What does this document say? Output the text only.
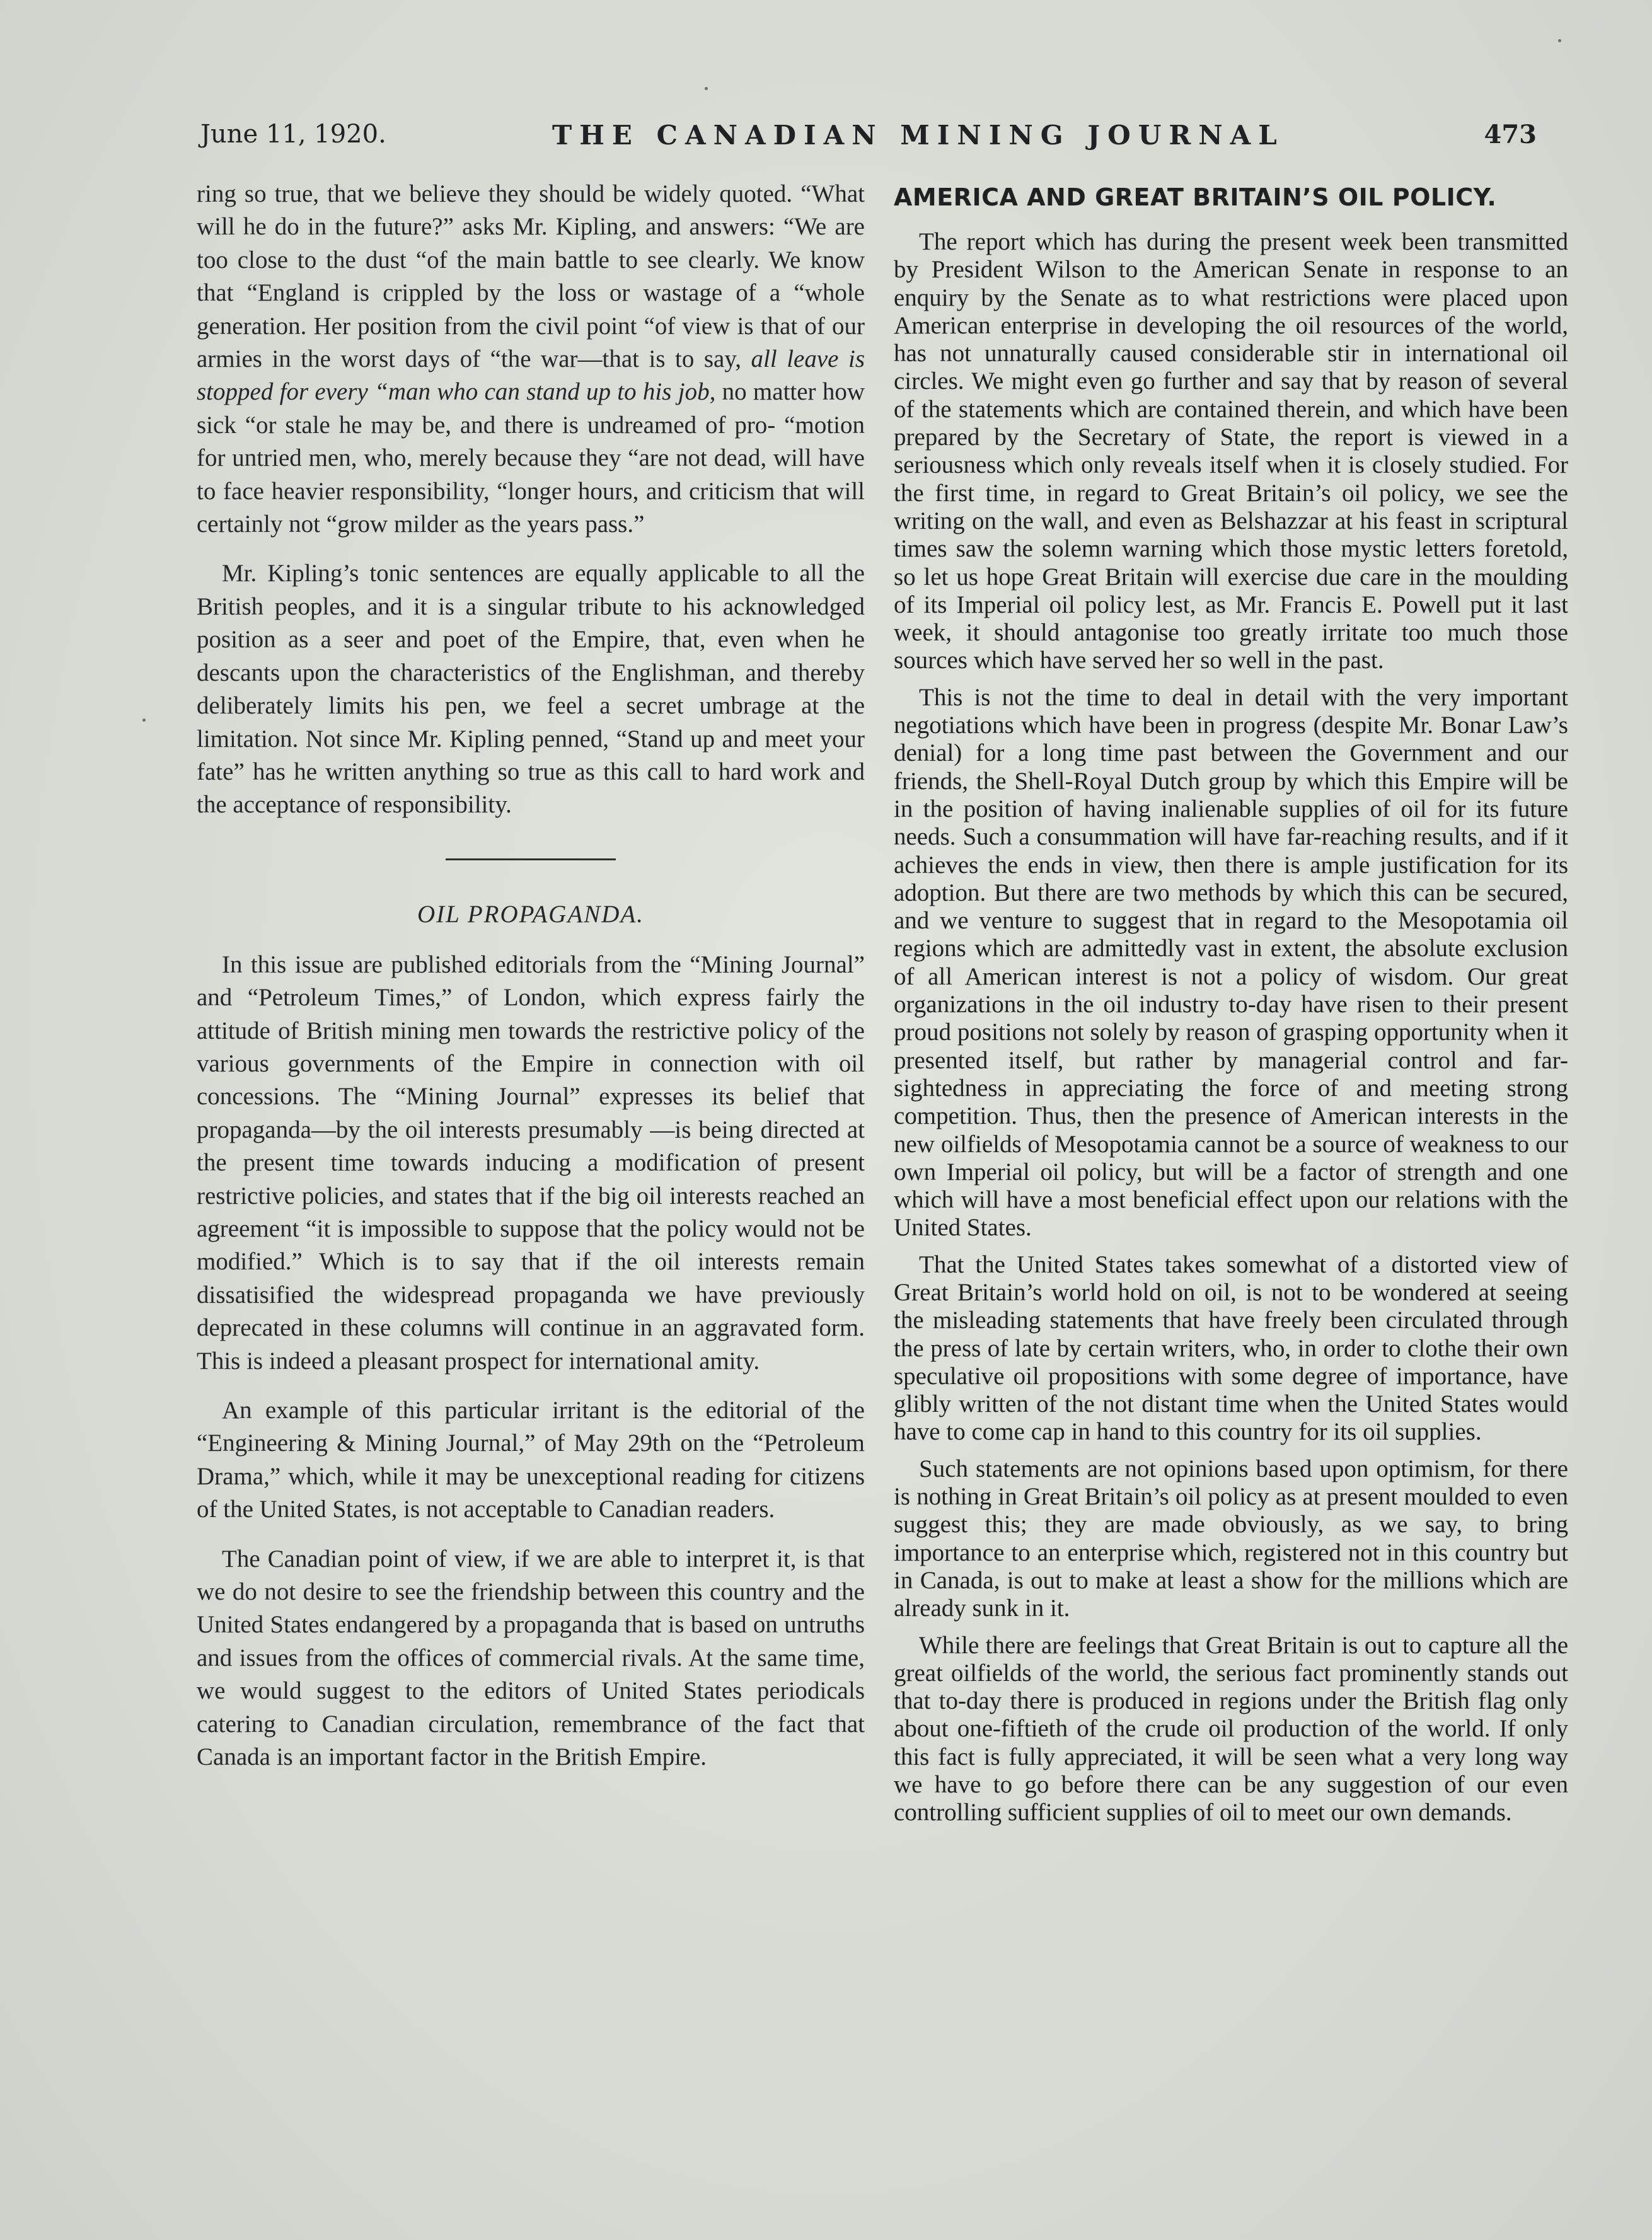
June 11, 1920.	THE CANADIAN MINING JOURNAL	473

ring so true, that we believe they should be widely quoted. “What will he do in the future?” asks Mr. Kipling, and answers: “We are too close to the dust “of the main battle to see clearly. We know that “England is crippled by the loss or wastage of a “whole generation. Her position from the civil point “of view is that of our armies in the worst days of “the war—that is to say, all leave is stopped for every “man who can stand up to his job, no matter how sick “or stale he may be, and there is undreamed of pro- “motion for untried men, who, merely because they “are not dead, will have to face heavier responsibility, “longer hours, and criticism that will certainly not “grow milder as the years pass.”

Mr. Kipling’s tonic sentences are equally applicable to all the British peoples, and it is a singular tribute to his acknowledged position as a seer and poet of the Empire, that, even when he descants upon the characteristics of the Englishman, and thereby deliberately limits his pen, we feel a secret umbrage at the limitation. Not since Mr. Kipling penned, “Stand up and meet your fate” has he written anything so true as this call to hard work and the acceptance of responsibility.

OIL PROPAGANDA.

In this issue are published editorials from the “Mining Journal” and “Petroleum Times,” of London, which express fairly the attitude of British mining men towards the restrictive policy of the various governments of the Empire in connection with oil concessions. The “Mining Journal” expresses its belief that propaganda—by the oil interests presumably —is being directed at the present time towards inducing a modification of present restrictive policies, and states that if the big oil interests reached an agreement “it is impossible to suppose that the policy would not be modified.” Which is to say that if the oil interests remain dissatisified the widespread propaganda we have previously deprecated in these columns will continue in an aggravated form. This is indeed a pleasant prospect for international amity.

An example of this particular irritant is the editorial of the “Engineering & Mining Journal,” of May 29th on the “Petroleum Drama,” which, while it may be unexceptional reading for citizens of the United States, is not acceptable to Canadian readers.

The Canadian point of view, if we are able to interpret it, is that we do not desire to see the friendship between this country and the United States endangered by a propaganda that is based on untruths and issues from the offices of commercial rivals. At the same time, we would suggest to the editors of United States periodicals catering to Canadian circulation, remembrance of the fact that Canada is an important factor in the British Empire.

AMERICA AND GREAT BRITAIN’S OIL POLICY.

The report which has during the present week been transmitted by President Wilson to the American Senate in response to an enquiry by the Senate as to what restrictions were placed upon American enterprise in developing the oil resources of the world, has not unnaturally caused considerable stir in international oil circles. We might even go further and say that by reason of several of the statements which are contained therein, and which have been prepared by the Secretary of State, the report is viewed in a seriousness which only reveals itself when it is closely studied. For the first time, in regard to Great Britain’s oil policy, we see the writing on the wall, and even as Belshazzar at his feast in scriptural times saw the solemn warning which those mystic letters foretold, so let us hope Great Britain will exercise due care in the moulding of its Imperial oil policy lest, as Mr. Francis E. Powell put it last week, it should antagonise too greatly irritate too much those sources which have served her so well in the past.

This is not the time to deal in detail with the very important negotiations which have been in progress (despite Mr. Bonar Law’s denial) for a long time past between the Government and our friends, the Shell-Royal Dutch group by which this Empire will be in the position of having inalienable supplies of oil for its future needs. Such a consummation will have far-reaching results, and if it achieves the ends in view, then there is ample justification for its adoption. But there are two methods by which this can be secured, and we venture to suggest that in regard to the Mesopotamia oil regions which are admittedly vast in extent, the absolute exclusion of all American interest is not a policy of wisdom. Our great organizations in the oil industry to-day have risen to their present proud positions not solely by reason of grasping opportunity when it presented itself, but rather by managerial control and far-sightedness in appreciating the force of and meeting strong competition. Thus, then the presence of American interests in the new oilfields of Mesopotamia cannot be a source of weakness to our own Imperial oil policy, but will be a factor of strength and one which will have a most beneficial effect upon our relations with the United States.

That the United States takes somewhat of a distorted view of Great Britain’s world hold on oil, is not to be wondered at seeing the misleading statements that have freely been circulated through the press of late by certain writers, who, in order to clothe their own speculative oil propositions with some degree of importance, have glibly written of the not distant time when the United States would have to come cap in hand to this country for its oil supplies.

Such statements are not opinions based upon optimism, for there is nothing in Great Britain’s oil policy as at present moulded to even suggest this; they are made obviously, as we say, to bring importance to an enterprise which, registered not in this country but in Canada, is out to make at least a show for the millions which are already sunk in it.

While there are feelings that Great Britain is out to capture all the great oilfields of the world, the serious fact prominently stands out that to-day there is produced in regions under the British flag only about one-fiftieth of the crude oil production of the world. If only this fact is fully appreciated, it will be seen what a very long way we have to go before there can be any suggestion of our even controlling sufficient supplies of oil to meet our own demands.
